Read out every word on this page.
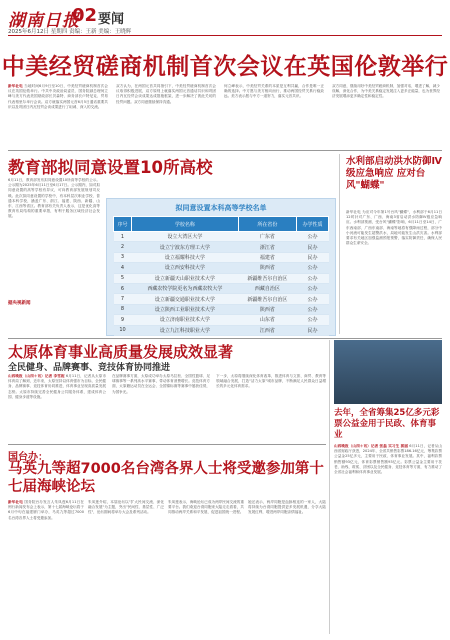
湖南日报
02 要闻
2025年6月12日 星期四 责编：王新 美编：王晓辉
中美经贸磋商机制首次会议在英国伦敦举行
新华社电 当地时间6月9日至10日，中美经贸磋商机制首次会议在英国伦敦举行。中共中央政治局委员、国务院副总理何立峰与美方代表美国财政部长贝森特、商务部长卢特尼克、贸易代表格里尔举行会谈。双方就落实两国元首6月5日通话重要共识以及巩固日内瓦经贸会谈成果进行了坦诚、深入的交流。
双方认为，在两国元首共同指引下，中美经贸磋商机制首次会议取得积极进展，双方原则上就落实两国元首通话共识和巩固日内瓦经贸会谈成果达成措施框架，进一步解决了彼此关切的经贸问题。双方同意继续保持沟通。
何立峰表示，中美经贸关系的本质是互利共赢，合作是唯一正确的选择。中方愿与美方相向而行，推动两国经贸关系行稳致远。美方表示愿与中方一道努力，落实元首共识。
双方同意，继续用好中美经贸磋商机制，加强对话，增进了解，减少误解，深化合作，为中美关系稳定发展注入更多正能量，也为世界经济发展增添更多确定性和稳定性。
教育部拟同意设置10所高校
6月11日，教育部发布拟同意设置10所高等学校的公示。公示期为2025年6月11日至6月17日。公示期内，如对拟同意设置的高等学校有异议，可向教育部发展规划司反映。此次拟同意设置的学校中，有本科层次职业学校、普通本科学校，涵盖广东、浙江、福建、陕西、新疆、山东、江西等省区。教育部有关负责人表示，这是优化高等教育布局结构的重要举措，有利于服务区域经济社会发展。
据央视新闻
拟同意设置本科高等学校名单
序号	学校名称	所在省份	办学性质
1	设立大湾区大学	广东省	公办
2	设立宁波东方理工大学	浙江省	民办
3	设立福耀科技大学	福建省	民办
4	设立西安科技大学	陕西省	公办
5	设立新疆天山职业技术大学	新疆维吾尔自治区	公办
6	西藏农牧学院更名为西藏农牧大学	西藏自治区	公办
7	设立新疆交通职业技术大学	新疆维吾尔自治区	公办
8	设立陕西工业职业技术大学	陕西省	公办
9	设立济南职业技术大学	山东省	公办
10	设立九江科技职业大学	江西省	民办
水利部启动洪水防御Ⅳ级应急响应 应对台风"蝴蝶"
新华社电 为应对今年第1号台风"蝴蝶"，水利部于6月11日12时针对广东、广西、海南3省启动洪水防御Ⅳ级应急响应。水利部预测，受台风"蝴蝶"影响，6月11日至14日，广东西南部、广西东南部、海南等地将有强降雨过程，部分中小河流可能发生超警洪水，局地可能发生山洪灾害。水利部要求有关地区加强监测预报预警，落实防御责任，确保人民群众生命安全。
太原体育事业高质量发展成效显著
全民健身、品牌赛事、竞技体育协同推进
山西晚报（山西＋讯）记者 李雪妮 6月11日，记者从太原市体育局了解到，近年来，太原坚持以体育强市为目标，全民健身、品牌赛事、竞技体育协同推进，体育事业呈现高质量发展态势。太原市持续完善全民健身公共服务体系，建成体育公园、健身步道等设施。
在品牌赛事方面，太原成功举办太原马拉松、全国性篮球、足球赛事等一系列高水平赛事，带动体育消费增长。竞技体育方面，太原籍运动员在全运会、全国锦标赛等赛事中屡获佳绩，为国争光。
下一步，太原将继续深化体育改革，推进体育与文旅、商贸、教育等领域融合发展，打造"活力太原"城市品牌，不断满足人民群众日益增长的多元化体育需求。
去年，全省筹集25亿多元彩票公益金用于民政、体育事业
山西晚报（山西＋讯）记者 张磊 实习生 郭丽 6月11日，记者从山西省财政厅获悉，2024年，全省共销售彩票186.16亿元，筹集彩票公益金25亿多元，主要用于民政、体育事业发展。其中，福利彩票销售额93亿元，体育彩票销售额93亿元。彩票公益金主要用于扶老、助残、救孤、济困以及全民健身、竞技体育等方面，有力推动了全省社会福利和体育事业发展。
国台办：
马英九等超7000名台湾各界人士将受邀参加第十七届海峡论坛
新华社电 国务院台办发言人朱凤莲6月11日在例行新闻发布会上表示，第十七届海峡论坛将于6月中旬在福建厦门举办，马英九等超过7000名台湾各界人士将受邀参加。
朱凤莲介绍，本届论坛以"扩大民间交流、深化融合发展"为主题，突出"民间性、基层性、广泛性"，论坛期间将举办大会及系列活动。
朱凤莲表示，海峡论坛已成为两岸民间交流的重要平台。我们欢迎台湾同胞来大陆走走看看，共同推动两岸关系和平发展、促进祖国统一进程。
她还表示，两岸同胞是血脉相连的一家人，大陆将持续为台湾同胞提供更多发展机遇，分享大陆发展红利，增进两岸同胞亲情福祉。
